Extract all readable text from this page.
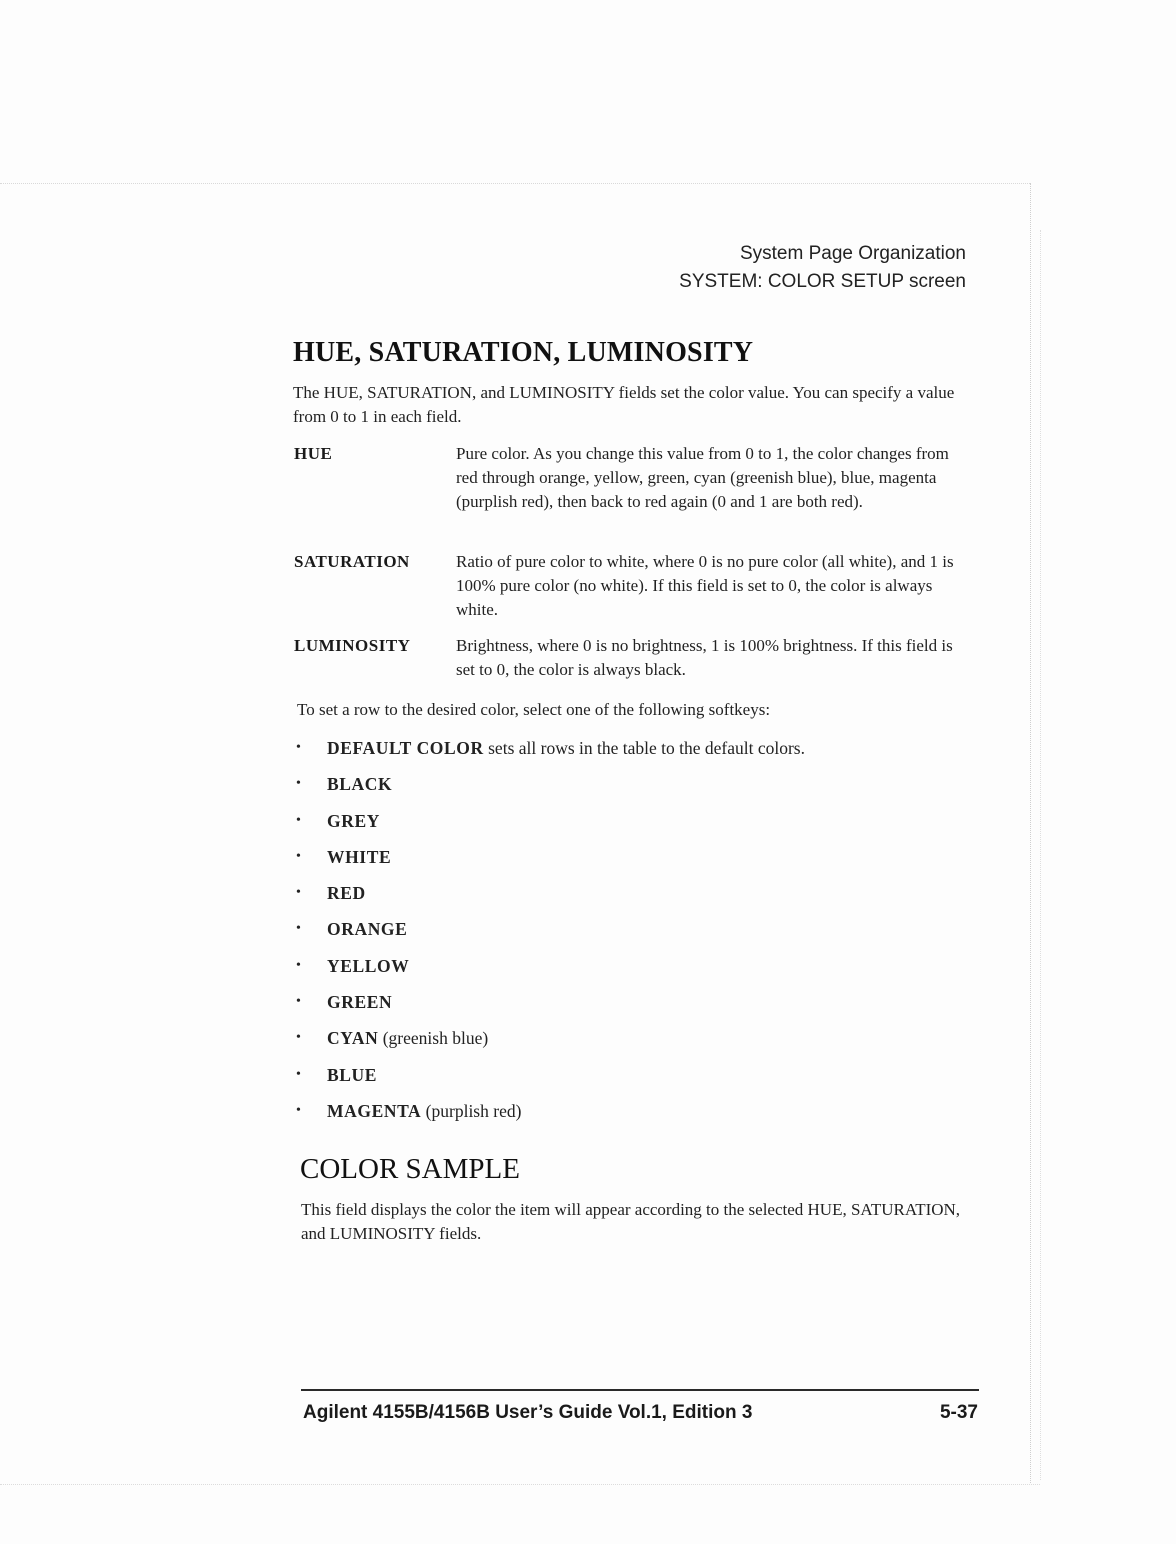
System Page Organization
SYSTEM: COLOR SETUP screen
HUE, SATURATION, LUMINOSITY

The HUE, SATURATION, and LUMINOSITY fields set the color value. You can specify a value from 0 to 1 in each field.

HUE	Pure color. As you change this value from 0 to 1, the color changes from red through orange, yellow, green, cyan (greenish blue), blue, magenta (purplish red), then back to red again (0 and 1 are both red).
SATURATION	Ratio of pure color to white, where 0 is no pure color (all white), and 1 is 100% pure color (no white). If this field is set to 0, the color is always white.
LUMINOSITY	Brightness, where 0 is no brightness, 1 is 100% brightness. If this field is set to 0, the color is always black.

To set a row to the desired color, select one of the following softkeys:

• DEFAULT COLOR sets all rows in the table to the default colors.
• BLACK
• GREY
• WHITE
• RED
• ORANGE
• YELLOW
• GREEN
• CYAN (greenish blue)
• BLUE
• MAGENTA (purplish red)
COLOR SAMPLE

This field displays the color the item will appear according to the selected HUE, SATURATION, and LUMINOSITY fields.

Agilent 4155B/4156B User’s Guide Vol.1, Edition 3	5-37
